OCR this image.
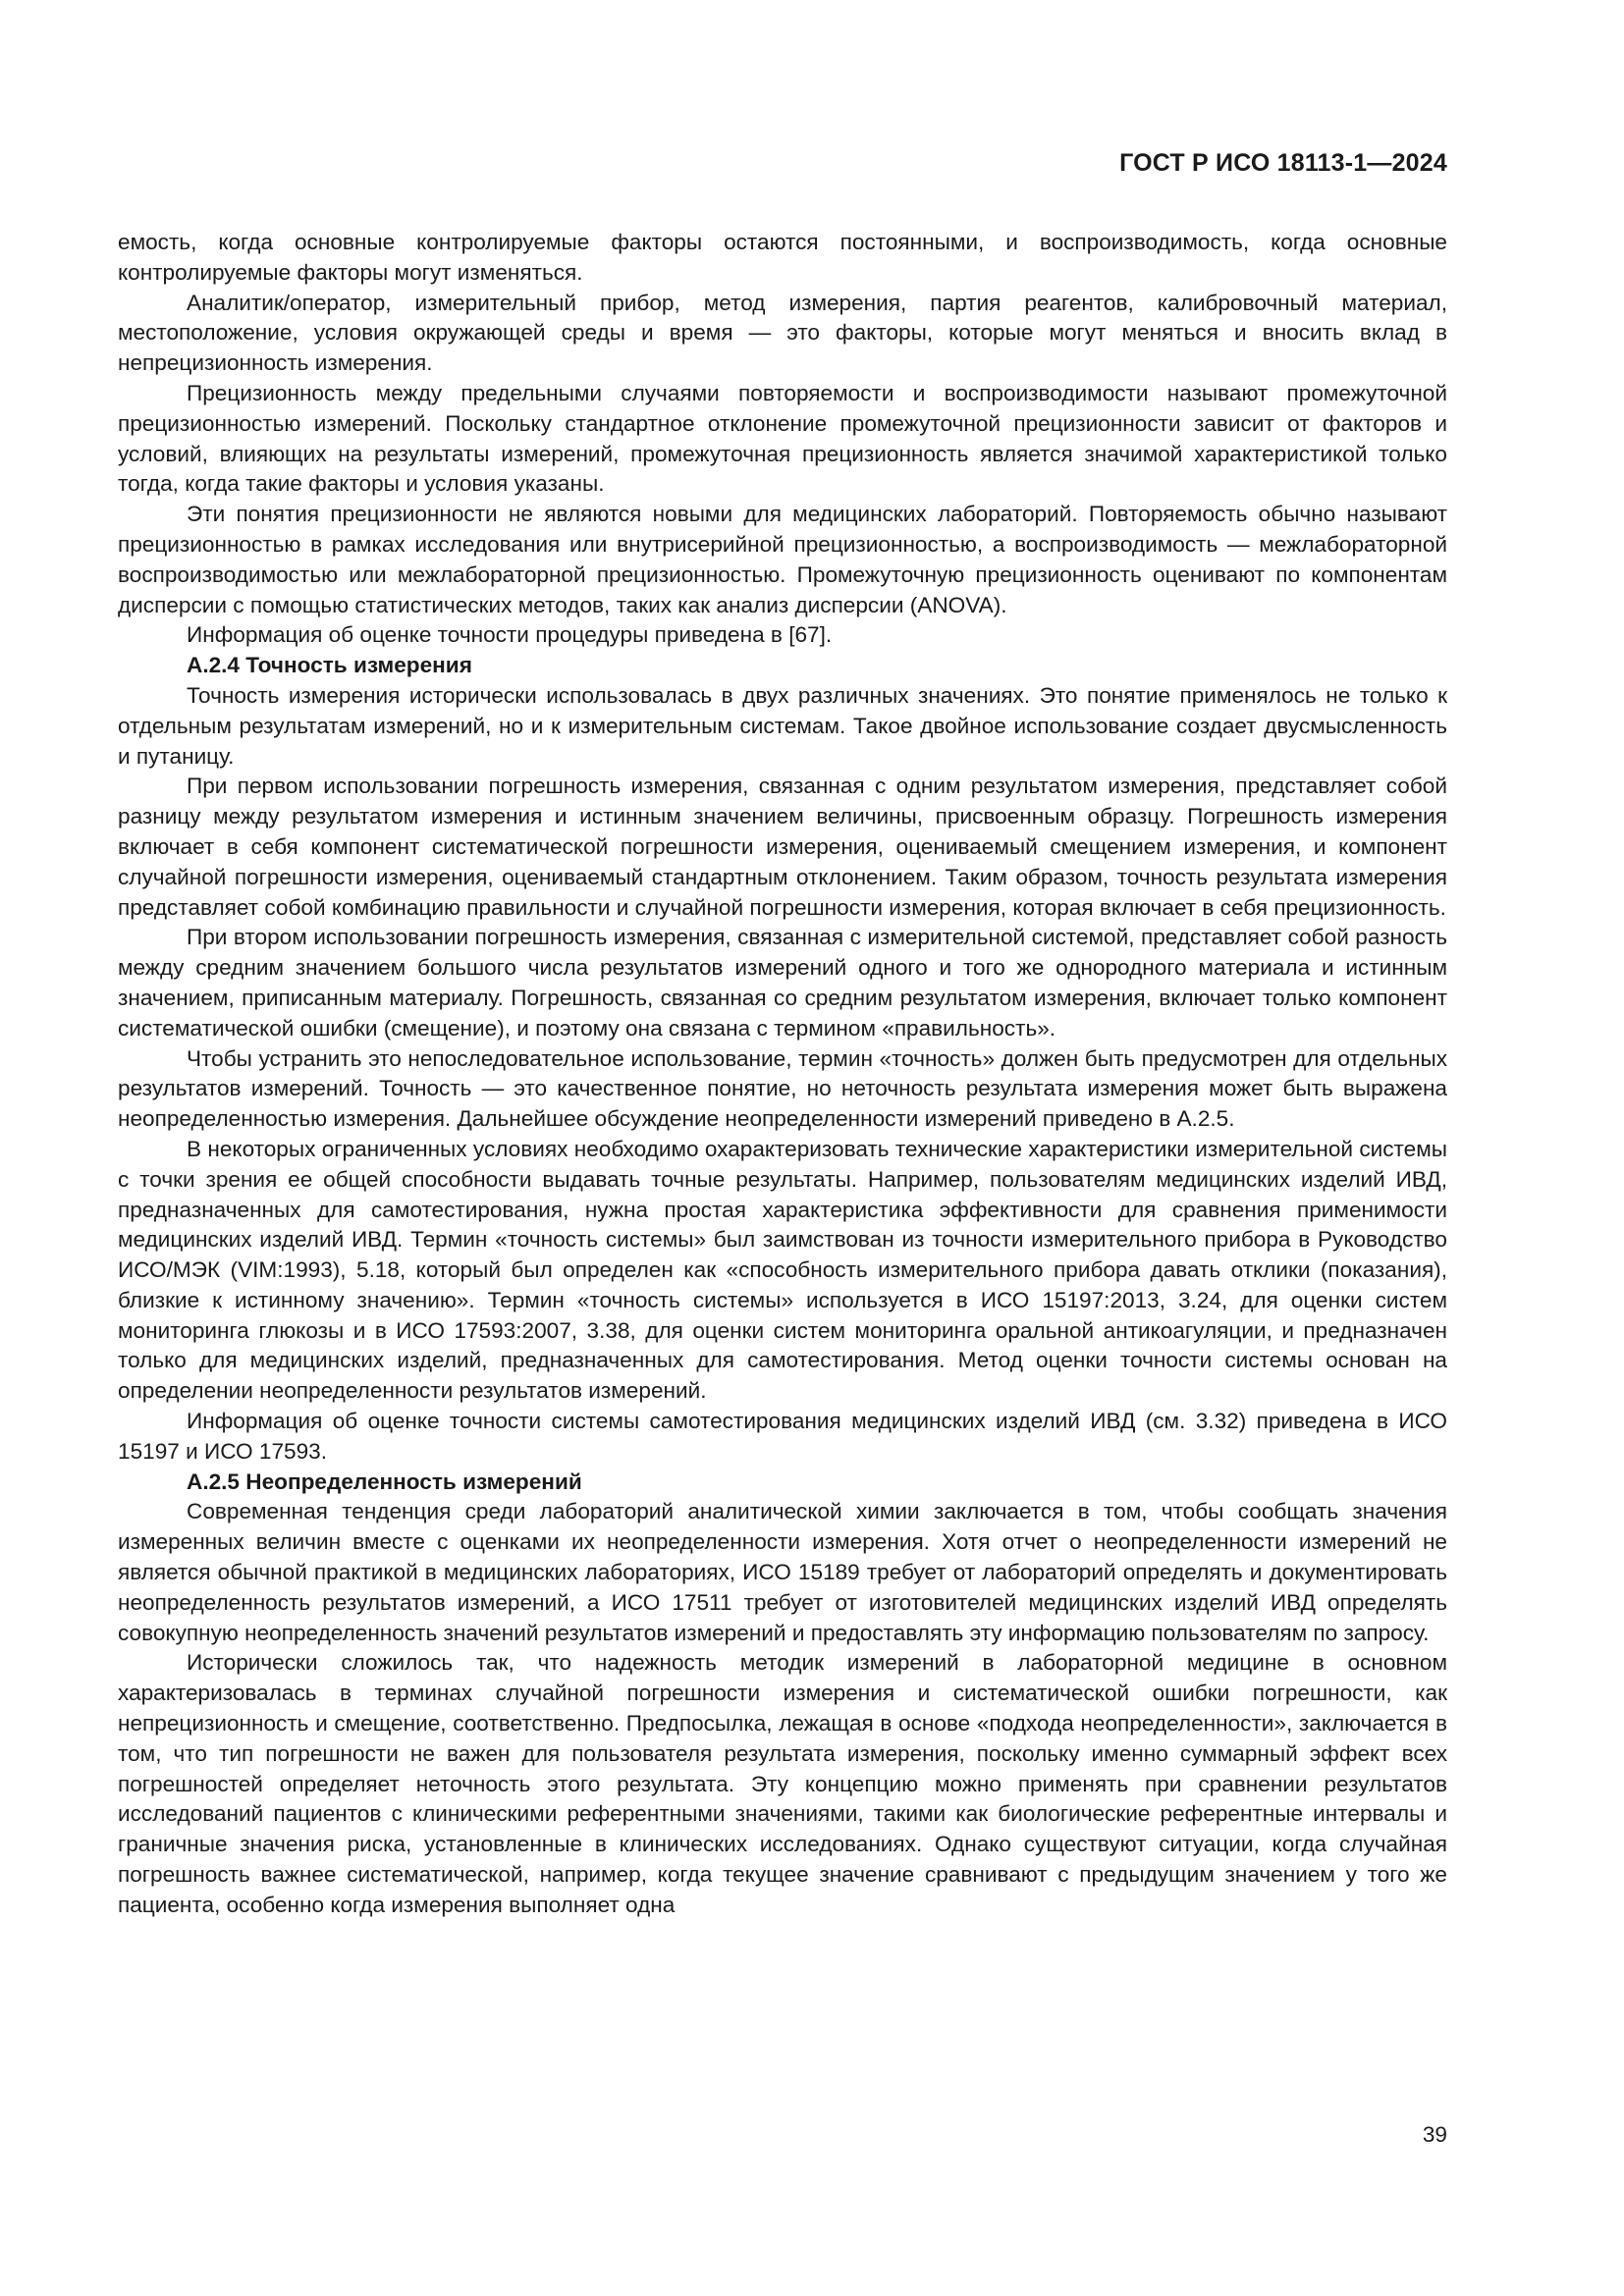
ГОСТ Р ИСО 18113-1—2024

емость, когда основные контролируемые факторы остаются постоянными, и воспроизводимость, когда основные контролируемые факторы могут изменяться.

Аналитик/оператор, измерительный прибор, метод измерения, партия реагентов, калибровочный материал, местоположение, условия окружающей среды и время — это факторы, которые могут меняться и вносить вклад в непрецизионность измерения.

Прецизионность между предельными случаями повторяемости и воспроизводимости называют промежуточной прецизионностью измерений. Поскольку стандартное отклонение промежуточной прецизионности зависит от факторов и условий, влияющих на результаты измерений, промежуточная прецизионность является значимой характеристикой только тогда, когда такие факторы и условия указаны.

Эти понятия прецизионности не являются новыми для медицинских лабораторий. Повторяемость обычно называют прецизионностью в рамках исследования или внутрисерийной прецизионностью, а воспроизводимость — межлабораторной воспроизводимостью или межлабораторной прецизионностью. Промежуточную прецизионность оценивают по компонентам дисперсии с помощью статистических методов, таких как анализ дисперсии (ANOVA).

Информация об оценке точности процедуры приведена в [67].

А.2.4 Точность измерения

Точность измерения исторически использовалась в двух различных значениях. Это понятие применялось не только к отдельным результатам измерений, но и к измерительным системам. Такое двойное использование создает двусмысленность и путаницу.

При первом использовании погрешность измерения, связанная с одним результатом измерения, представляет собой разницу между результатом измерения и истинным значением величины, присвоенным образцу. Погрешность измерения включает в себя компонент систематической погрешности измерения, оцениваемый смещением измерения, и компонент случайной погрешности измерения, оцениваемый стандартным отклонением. Таким образом, точность результата измерения представляет собой комбинацию правильности и случайной погрешности измерения, которая включает в себя прецизионность.

При втором использовании погрешность измерения, связанная с измерительной системой, представляет собой разность между средним значением большого числа результатов измерений одного и того же однородного материала и истинным значением, приписанным материалу. Погрешность, связанная со средним результатом измерения, включает только компонент систематической ошибки (смещение), и поэтому она связана с термином «правильность».

Чтобы устранить это непоследовательное использование, термин «точность» должен быть предусмотрен для отдельных результатов измерений. Точность — это качественное понятие, но неточность результата измерения может быть выражена неопределенностью измерения. Дальнейшее обсуждение неопределенности измерений приведено в А.2.5.

В некоторых ограниченных условиях необходимо охарактеризовать технические характеристики измерительной системы с точки зрения ее общей способности выдавать точные результаты. Например, пользователям медицинских изделий ИВД, предназначенных для самотестирования, нужна простая характеристика эффективности для сравнения применимости медицинских изделий ИВД. Термин «точность системы» был заимствован из точности измерительного прибора в Руководство ИСО/МЭК (VIM:1993), 5.18, который был определен как «способность измерительного прибора давать отклики (показания), близкие к истинному значению». Термин «точность системы» используется в ИСО 15197:2013, 3.24, для оценки систем мониторинга глюкозы и в ИСО 17593:2007, 3.38, для оценки систем мониторинга оральной антикоагуляции, и предназначен только для медицинских изделий, предназначенных для самотестирования. Метод оценки точности системы основан на определении неопределенности результатов измерений.

Информация об оценке точности системы самотестирования медицинских изделий ИВД (см. 3.32) приведена в ИСО 15197 и ИСО 17593.

А.2.5 Неопределенность измерений

Современная тенденция среди лабораторий аналитической химии заключается в том, чтобы сообщать значения измеренных величин вместе с оценками их неопределенности измерения. Хотя отчет о неопределенности измерений не является обычной практикой в медицинских лабораториях, ИСО 15189 требует от лабораторий определять и документировать неопределенность результатов измерений, а ИСО 17511 требует от изготовителей медицинских изделий ИВД определять совокупную неопределенность значений результатов измерений и предоставлять эту информацию пользователям по запросу.

Исторически сложилось так, что надежность методик измерений в лабораторной медицине в основном характеризовалась в терминах случайной погрешности измерения и систематической ошибки погрешности, как непрецизионность и смещение, соответственно. Предпосылка, лежащая в основе «подхода неопределенности», заключается в том, что тип погрешности не важен для пользователя результата измерения, поскольку именно суммарный эффект всех погрешностей определяет неточность этого результата. Эту концепцию можно применять при сравнении результатов исследований пациентов с клиническими референтными значениями, такими как биологические референтные интервалы и граничные значения риска, установленные в клинических исследованиях. Однако существуют ситуации, когда случайная погрешность важнее систематической, например, когда текущее значение сравнивают с предыдущим значением у того же пациента, особенно когда измерения выполняет одна

39
